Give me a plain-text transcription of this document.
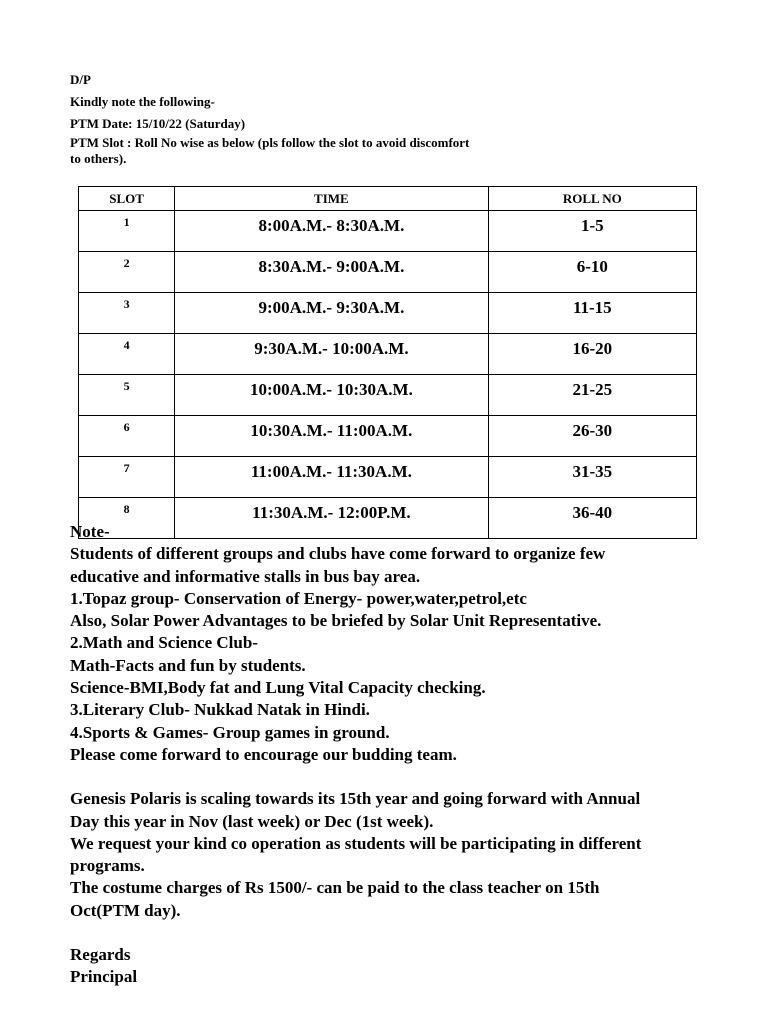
D/P
Kindly note the following-
PTM Date: 15/10/22 (Saturday)
PTM Slot : Roll No wise as below (pls follow the slot to avoid discomfort
to others).
SLOT	TIME	ROLL NO
1	8:00A.M.- 8:30A.M.	1-5
2	8:30A.M.- 9:00A.M.	6-10
3	9:00A.M.- 9:30A.M.	11-15
4	9:30A.M.- 10:00A.M.	16-20
5	10:00A.M.- 10:30A.M.	21-25
6	10:30A.M.- 11:00A.M.	26-30
7	11:00A.M.- 11:30A.M.	31-35
8	11:30A.M.- 12:00P.M.	36-40

Note-

Students of different groups and clubs have come forward to organize few

educative and informative stalls in bus bay area.

1.Topaz group- Conservation of Energy- power,water,petrol,etc

Also, Solar Power Advantages to be briefed by Solar Unit Representative.

2.Math and Science Club-

Math-Facts and fun by students.

Science-BMI,Body fat and Lung Vital Capacity checking.

3.Literary Club- Nukkad Natak in Hindi.

4.Sports & Games- Group games in ground.

Please come forward to encourage our budding team.

Genesis Polaris is scaling towards its 15th year and going forward with Annual

Day this year in Nov (last week) or Dec (1st week).

We request your kind co operation as students will be participating in different

programs.

The costume charges of Rs 1500/- can be paid to the class teacher on 15th

Oct(PTM day).

Regards

Principal
